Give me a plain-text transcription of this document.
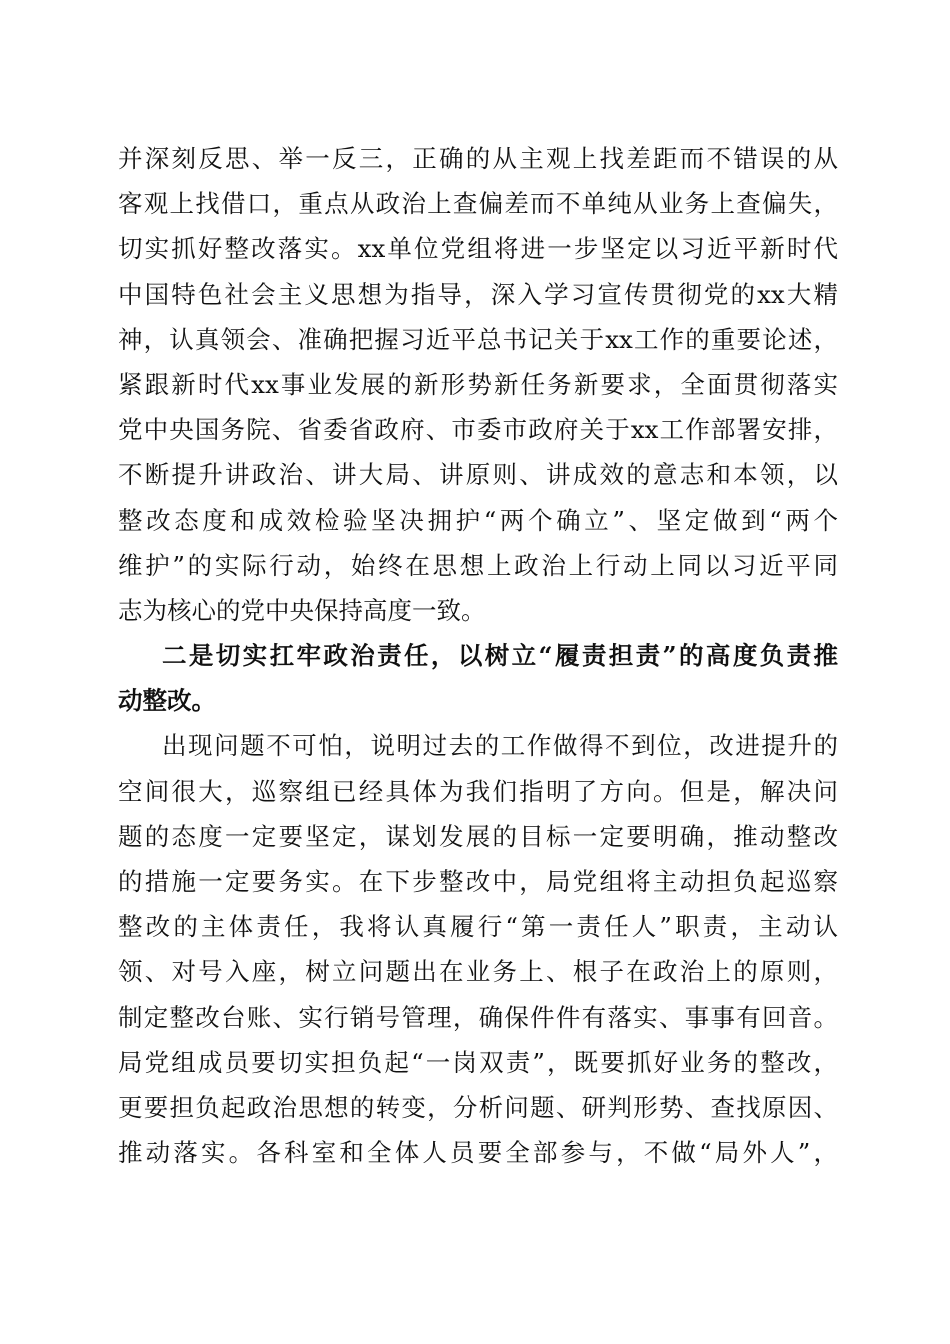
并深刻反思、举一反三，正确的从主观上找差距而不错误的从
客观上找借口，重点从政治上查偏差而不单纯从业务上查偏失，
切实抓好整改落实。xx单位党组将进一步坚定以习近平新时代
中国特色社会主义思想为指导，深入学习宣传贯彻党的xx大精
神，认真领会、准确把握习近平总书记关于xx工作的重要论述，
紧跟新时代xx事业发展的新形势新任务新要求，全面贯彻落实
党中央国务院、省委省政府、市委市政府关于xx工作部署安排，
不断提升讲政治、讲大局、讲原则、讲成效的意志和本领，以
整改态度和成效检验坚决拥护“两个确立”、坚定做到“两个
维护”的实际行动，始终在思想上政治上行动上同以习近平同
志为核心的党中央保持高度一致。
二是切实扛牢政治责任，以树立“履责担责”的高度负责推
动整改。
出现问题不可怕，说明过去的工作做得不到位，改进提升的
空间很大，巡察组已经具体为我们指明了方向。但是，解决问
题的态度一定要坚定，谋划发展的目标一定要明确，推动整改
的措施一定要务实。在下步整改中，局党组将主动担负起巡察
整改的主体责任，我将认真履行“第一责任人”职责，主动认
领、对号入座，树立问题出在业务上、根子在政治上的原则，
制定整改台账、实行销号管理，确保件件有落实、事事有回音。
局党组成员要切实担负起“一岗双责”，既要抓好业务的整改，
更要担负起政治思想的转变，分析问题、研判形势、查找原因、
推动落实。各科室和全体人员要全部参与，不做“局外人”，
